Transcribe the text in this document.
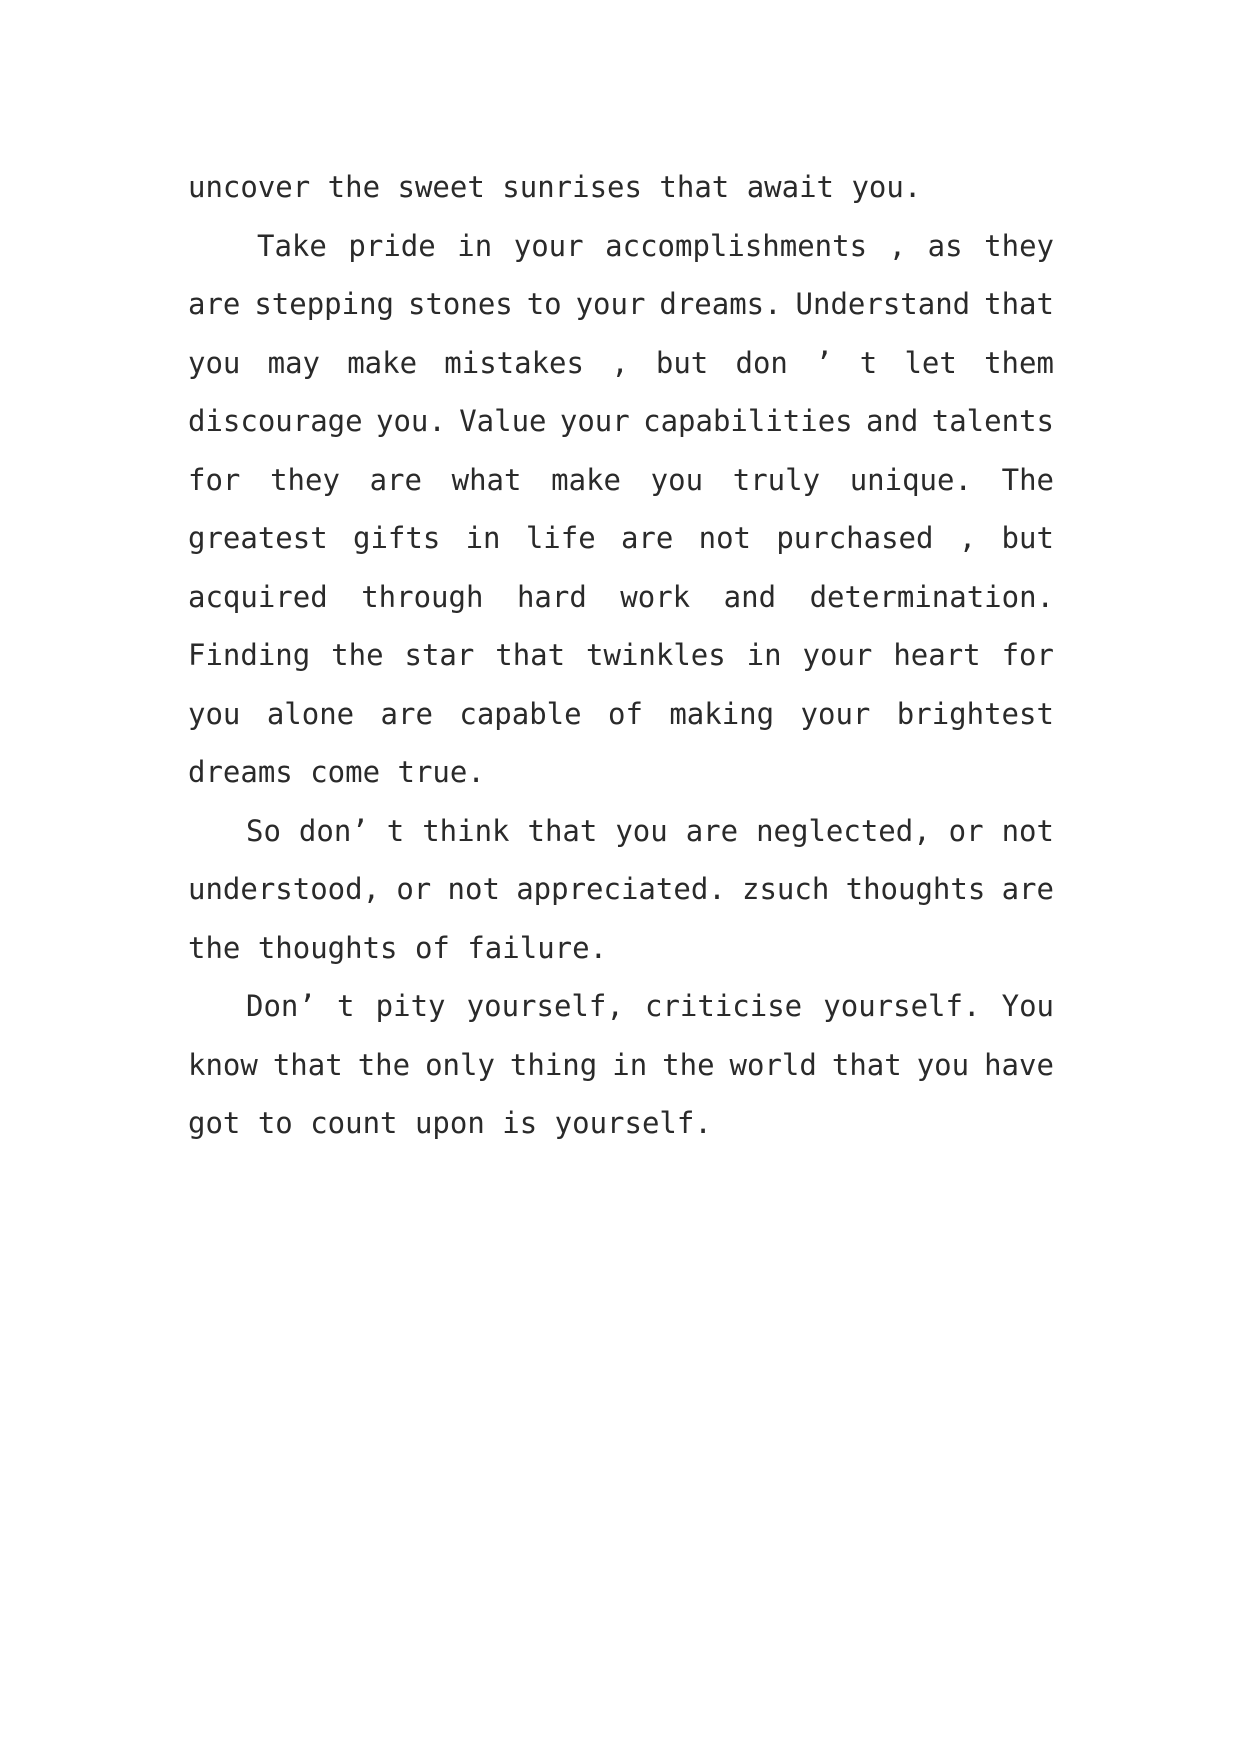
uncover the sweet sunrises that await you.
Take pride in your accomplishments , as they
are stepping stones to your dreams. Understand that
you may make mistakes , but don ’ t let them
discourage you. Value your capabilities and talents
for they are what make you truly unique. The
greatest gifts in life are not purchased , but
acquired through hard work and determination.
Finding the star that twinkles in your heart for
you alone are capable of making your brightest
dreams come true.
So don’ t think that you are neglected, or not
understood, or not appreciated. zsuch thoughts are
the thoughts of failure.
Don’ t pity yourself, criticise yourself. You
know that the only thing in the world that you have
got to count upon is yourself.
